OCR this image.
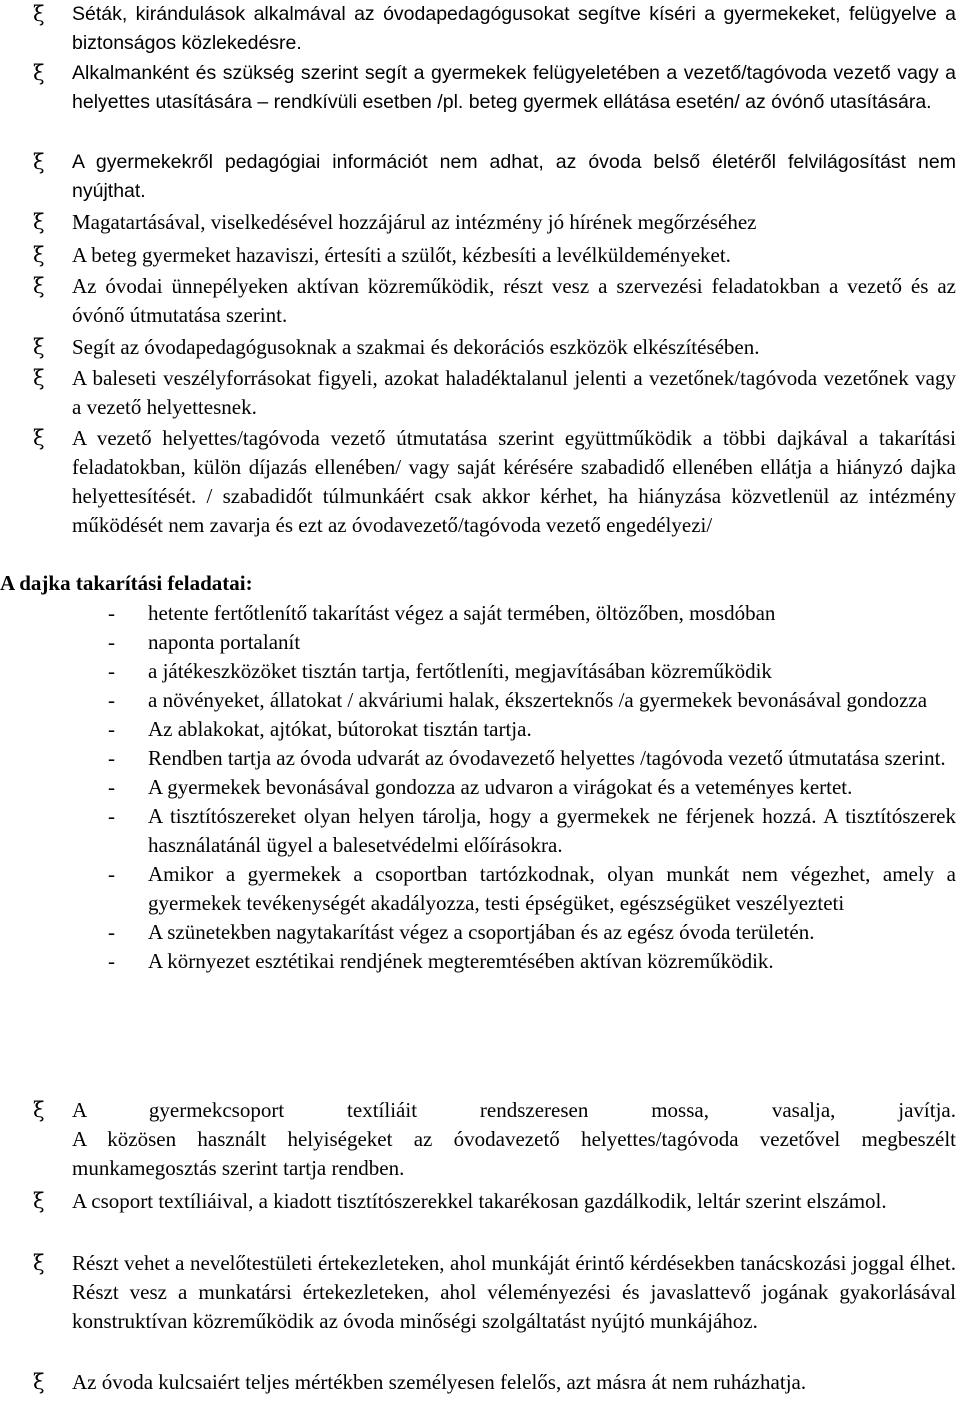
ξ Séták, kirándulások alkalmával az óvodapedagógusokat segítve kíséri a gyermekeket, felügyelve a biztonságos közlekedésre.
ξ Alkalmanként és szükség szerint segít a gyermekek felügyeletében a vezető/tagóvoda vezető vagy a helyettes utasítására – rendkívüli esetben /pl. beteg gyermek ellátása esetén/ az óvónő utasítására.
ξ A gyermekekről pedagógiai információt nem adhat, az óvoda belső életéről felvilágosítást nem nyújthat.
ξ Magatartásával, viselkedésével hozzájárul az intézmény jó hírének megőrzéséhez
ξ A beteg gyermeket hazaviszi, értesíti a szülőt, kézbesíti a levélküldeményeket.
ξ Az óvodai ünnepélyeken aktívan közreműködik, részt vesz a szervezési feladatokban a vezető és az óvónő útmutatása szerint.
ξ Segít az óvodapedagógusoknak a szakmai és dekorációs eszközök elkészítésében.
ξ A baleseti veszélyforrásokat figyeli, azokat haladéktalanul jelenti a vezetőnek/tagóvoda vezetőnek vagy a vezető helyettesnek.
ξ A vezető helyettes/tagóvoda vezető útmutatása szerint együttműködik a többi dajkával a takarítási feladatokban, külön díjazás ellenében/ vagy saját kérésére szabadidő ellenében ellátja a hiányzó dajka helyettesítését. / szabadidőt túlmunkáért csak akkor kérhet, ha hiányzása közvetlenül az intézmény működését nem zavarja és ezt az óvodavezető/tagóvoda vezető engedélyezi/
A dajka takarítási feladatai:
- hetente fertőtlenítő takarítást végez a saját termében, öltözőben, mosdóban
- naponta portalanít
- a játékeszközöket tisztán tartja, fertőtleníti, megjavításában közreműködik
- a növényeket, állatokat / akváriumi halak, ékszerteknős /a gyermekek bevonásával gondozza
- Az ablakokat, ajtókat, bútorokat tisztán tartja.
- Rendben tartja az óvoda udvarát az óvodavezető helyettes /tagóvoda vezető útmutatása szerint.
- A gyermekek bevonásával gondozza az udvaron a virágokat és a veteményes kertet.
- A tisztítószereket olyan helyen tárolja, hogy a gyermekek ne férjenek hozzá. A tisztítószerek használatánál ügyel a balesetvédelmi előírásokra.
- Amikor a gyermekek a csoportban tartózkodnak, olyan munkát nem végezhet, amely a gyermekek tevékenységét akadályozza, testi épségüket, egészségüket veszélyezteti
- A szünetekben nagytakarítást végez a csoportjában és az egész óvoda területén.
- A környezet esztétikai rendjének megteremtésében aktívan közreműködik.
ξ A gyermekcsoport textíliáit rendszeresen mossa, vasalja, javítja.
A közösen használt helyiségeket az óvodavezető helyettes/tagóvoda vezetővel megbeszélt munkamegosztás szerint tartja rendben.
ξ A csoport textíliáival, a kiadott tisztítószerekkel takarékosan gazdálkodik, leltár szerint elszámol.
ξ Részt vehet a nevelőtestületi értekezleteken, ahol munkáját érintő kérdésekben tanácskozási joggal élhet. Részt vesz a munkatársi értekezleteken, ahol véleményezési és javaslattevő jogának gyakorlásával konstruktívan közreműködik az óvoda minőségi szolgáltatást nyújtó munkájához.
ξ Az óvoda kulcsaiért teljes mértékben személyesen felelős, azt másra át nem ruházhatja.
